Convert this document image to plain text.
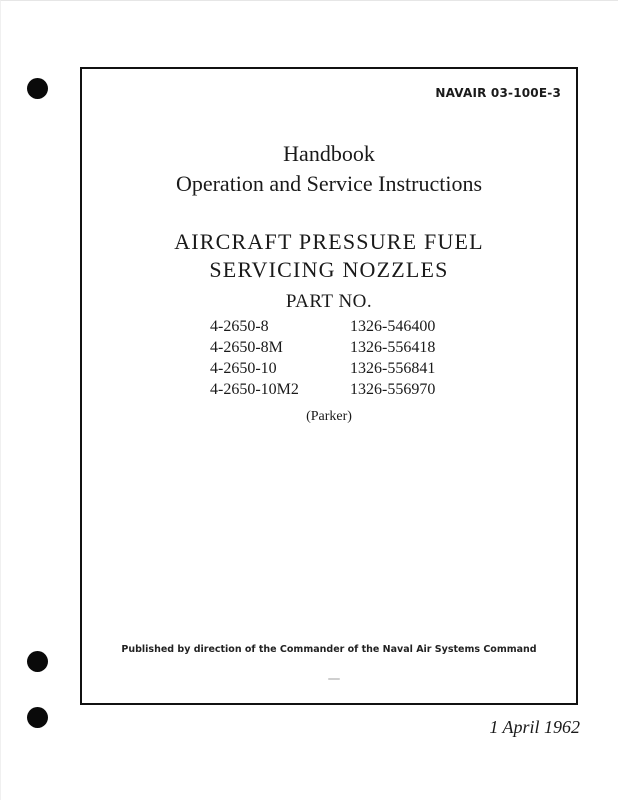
NAVAIR 03-100E-3
Handbook
Operation and Service Instructions
AIRCRAFT PRESSURE FUEL
SERVICING NOZZLES
PART NO.
4-2650-8	1326-546400
4-2650-8M	1326-556418
4-2650-10	1326-556841
4-2650-10M2	1326-556970
(Parker)
Published by direction of the Commander of the Naval Air Systems Command
1 April 1962
